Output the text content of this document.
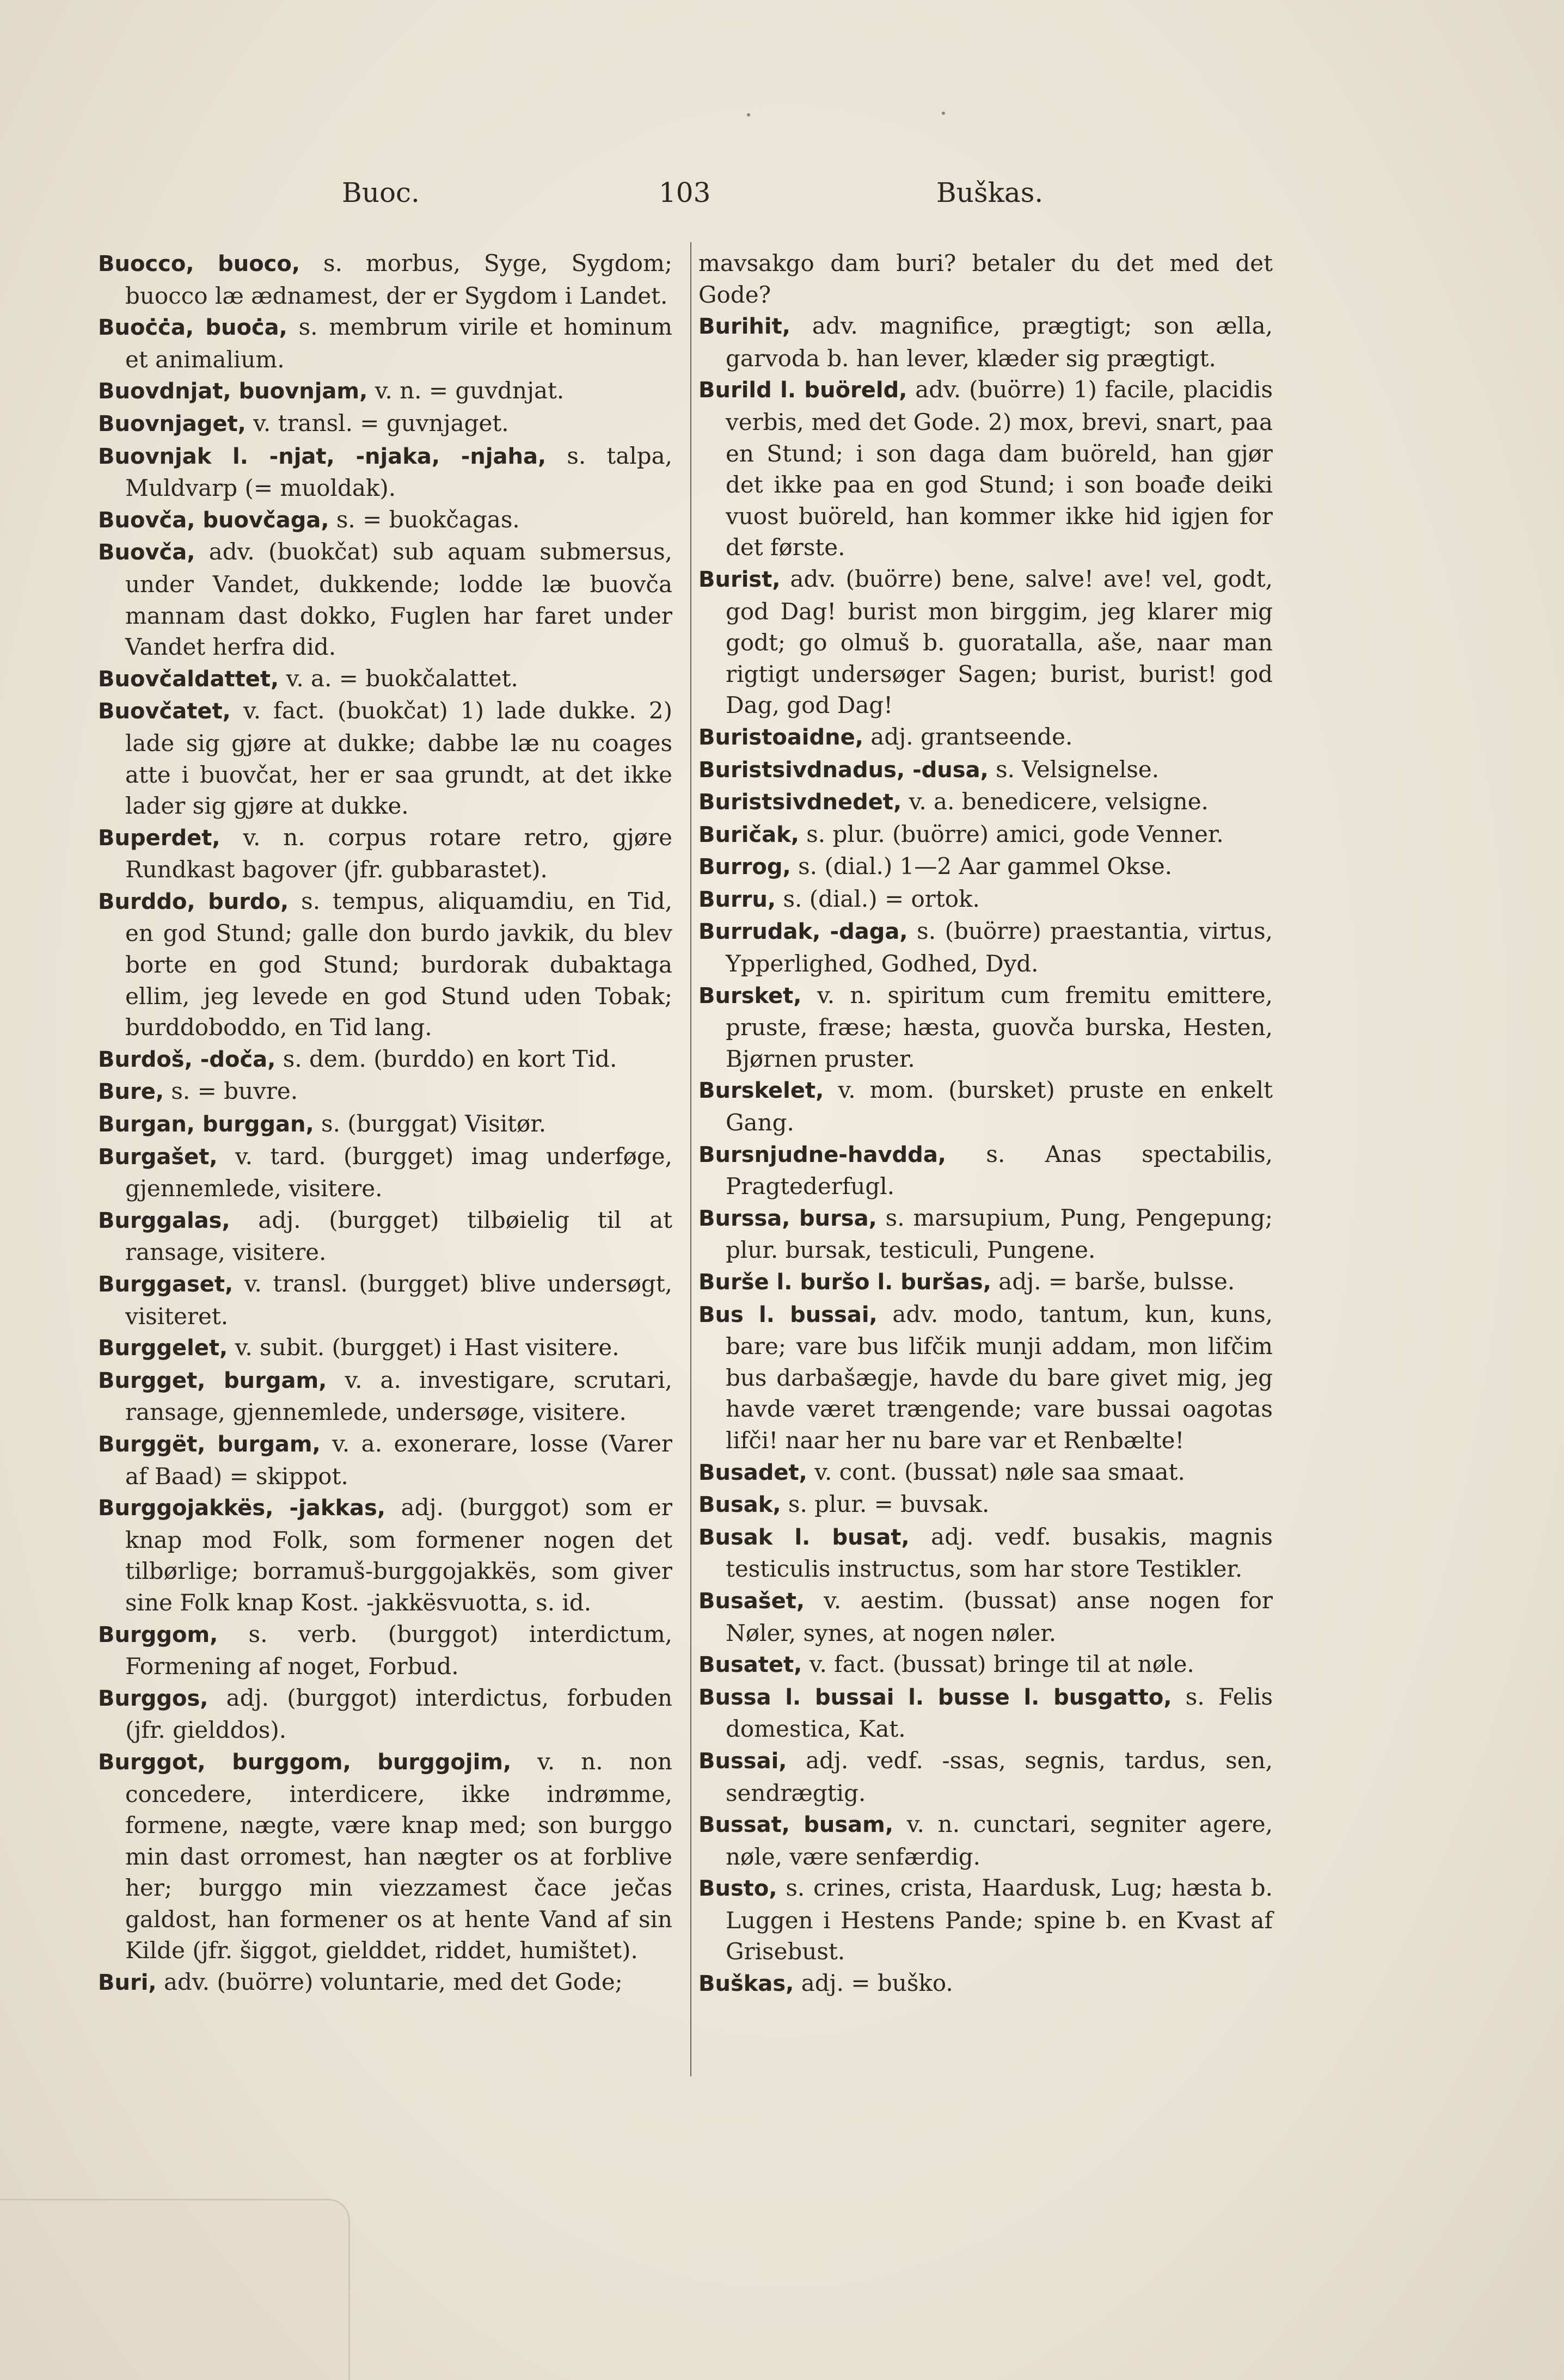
Buoc.	103	Buškas.

Buocco, buoco, s. morbus, Syge, Sygdom; buocco læ ædnamest, der er Sygdom i Landet.

Buoċċa, buoċa, s. membrum virile et hominum et animalium.

Buovdnjat, buovnjam, v. n. = guvdnjat.

Buovnjaget, v. transl. = guvnjaget.

Buovnjak l. -njat, -njaka, -njaha, s. talpa, Muldvarp (= muoldak).

Buovča, buovčaga, s. = buokčagas.

Buovča, adv. (buokčat) sub aquam submersus, under Vandet, dukkende; lodde læ buovča mannam dast dokko, Fuglen har faret under Vandet herfra did.

Buovčaldattet, v. a. = buokčalattet.

Buovčatet, v. fact. (buokčat) 1) lade dukke. 2) lade sig gjøre at dukke; dabbe læ nu coages atte i buovčat, her er saa grundt, at det ikke lader sig gjøre at dukke.

Buperdet, v. n. corpus rotare retro, gjøre Rundkast bagover (jfr. gubbarastet).

Burddo, burdo, s. tempus, aliquamdiu, en Tid, en god Stund; galle don burdo javkik, du blev borte en god Stund; burdorak dubaktaga ellim, jeg levede en god Stund uden Tobak; burddoboddo, en Tid lang.

Burdoš, -doča, s. dem. (burddo) en kort Tid.

Bure, s. = buvre.

Burgan, burggan, s. (burggat) Visitør.

Burgašet, v. tard. (burgget) imag underføge, gjennemlede, visitere.

Burggalas, adj. (burgget) tilbøielig til at ransage, visitere.

Burggaset, v. transl. (burgget) blive undersøgt, visiteret.

Burggelet, v. subit. (burgget) i Hast visitere.

Burgget, burgam, v. a. investigare, scrutari, ransage, gjennemlede, undersøge, visitere.

Burggët, burgam, v. a. exonerare, losse (Varer af Baad) = skippot.

Burggojakkës, -jakkas, adj. (burggot) som er knap mod Folk, som formener nogen det tilbørlige; borramuš-burggojakkës, som giver sine Folk knap Kost. -jakkësvuotta, s. id.

Burggom, s. verb. (burggot) interdictum, Formening af noget, Forbud.

Burggos, adj. (burggot) interdictus, forbuden (jfr. gielddos).

Burggot, burggom, burggojim, v. n. non concedere, interdicere, ikke indrømme, formene, nægte, være knap med; son burggo min dast orromest, han nægter os at forblive her; burggo min viezzamest čace ječas galdost, han formener os at hente Vand af sin Kilde (jfr. šiggot, gielddet, riddet, humištet).

Buri, adv. (buörre) voluntarie, med det Gode;

mavsakgo dam buri? betaler du det med det Gode?

Burihit, adv. magnifice, prægtigt; son ælla, garvoda b. han lever, klæder sig prægtigt.

Burild l. buöreld, adv. (buörre) 1) facile, placidis verbis, med det Gode. 2) mox, brevi, snart, paa en Stund; i son daga dam buöreld, han gjør det ikke paa en god Stund; i son boađe deiki vuost buöreld, han kommer ikke hid igjen for det første.

Burist, adv. (buörre) bene, salve! ave! vel, godt, god Dag! burist mon birggim, jeg klarer mig godt; go olmuš b. guoratalla, aše, naar man rigtigt undersøger Sagen; burist, burist! god Dag, god Dag!

Buristoaidne, adj. grantseende.

Buristsivdnadus, -dusa, s. Velsignelse.

Buristsivdnedet, v. a. benedicere, velsigne.

Buričak, s. plur. (buörre) amici, gode Venner.

Burrog, s. (dial.) 1—2 Aar gammel Okse.

Burru, s. (dial.) = ortok.

Burrudak, -daga, s. (buörre) praestantia, virtus, Ypperlighed, Godhed, Dyd.

Bursket, v. n. spiritum cum fremitu emittere, pruste, fræse; hæsta, guovča burska, Hesten, Bjørnen pruster.

Burskelet, v. mom. (bursket) pruste en enkelt Gang.

Bursnjudne-havdda, s. Anas spectabilis, Pragtederfugl.

Burssa, bursa, s. marsupium, Pung, Pengepung; plur. bursak, testiculi, Pungene.

Burše l. buršo l. buršas, adj. = barše, bulsse.

Bus l. bussai, adv. modo, tantum, kun, kuns, bare; vare bus lifčik munji addam, mon lifčim bus darbašægje, havde du bare givet mig, jeg havde været trængende; vare bussai oagotas lifči! naar her nu bare var et Renbælte!

Busadet, v. cont. (bussat) nøle saa smaat.

Busak, s. plur. = buvsak.

Busak l. busat, adj. vedf. busakis, magnis testiculis instructus, som har store Testikler.

Busašet, v. aestim. (bussat) anse nogen for Nøler, synes, at nogen nøler.

Busatet, v. fact. (bussat) bringe til at nøle.

Bussa l. bussai l. busse l. busgatto, s. Felis domestica, Kat.

Bussai, adj. vedf. -ssas, segnis, tardus, sen, sendrægtig.

Bussat, busam, v. n. cunctari, segniter agere, nøle, være senfærdig.

Busto, s. crines, crista, Haardusk, Lug; hæsta b. Luggen i Hestens Pande; spine b. en Kvast af Grisebust.

Buškas, adj. = buško.
